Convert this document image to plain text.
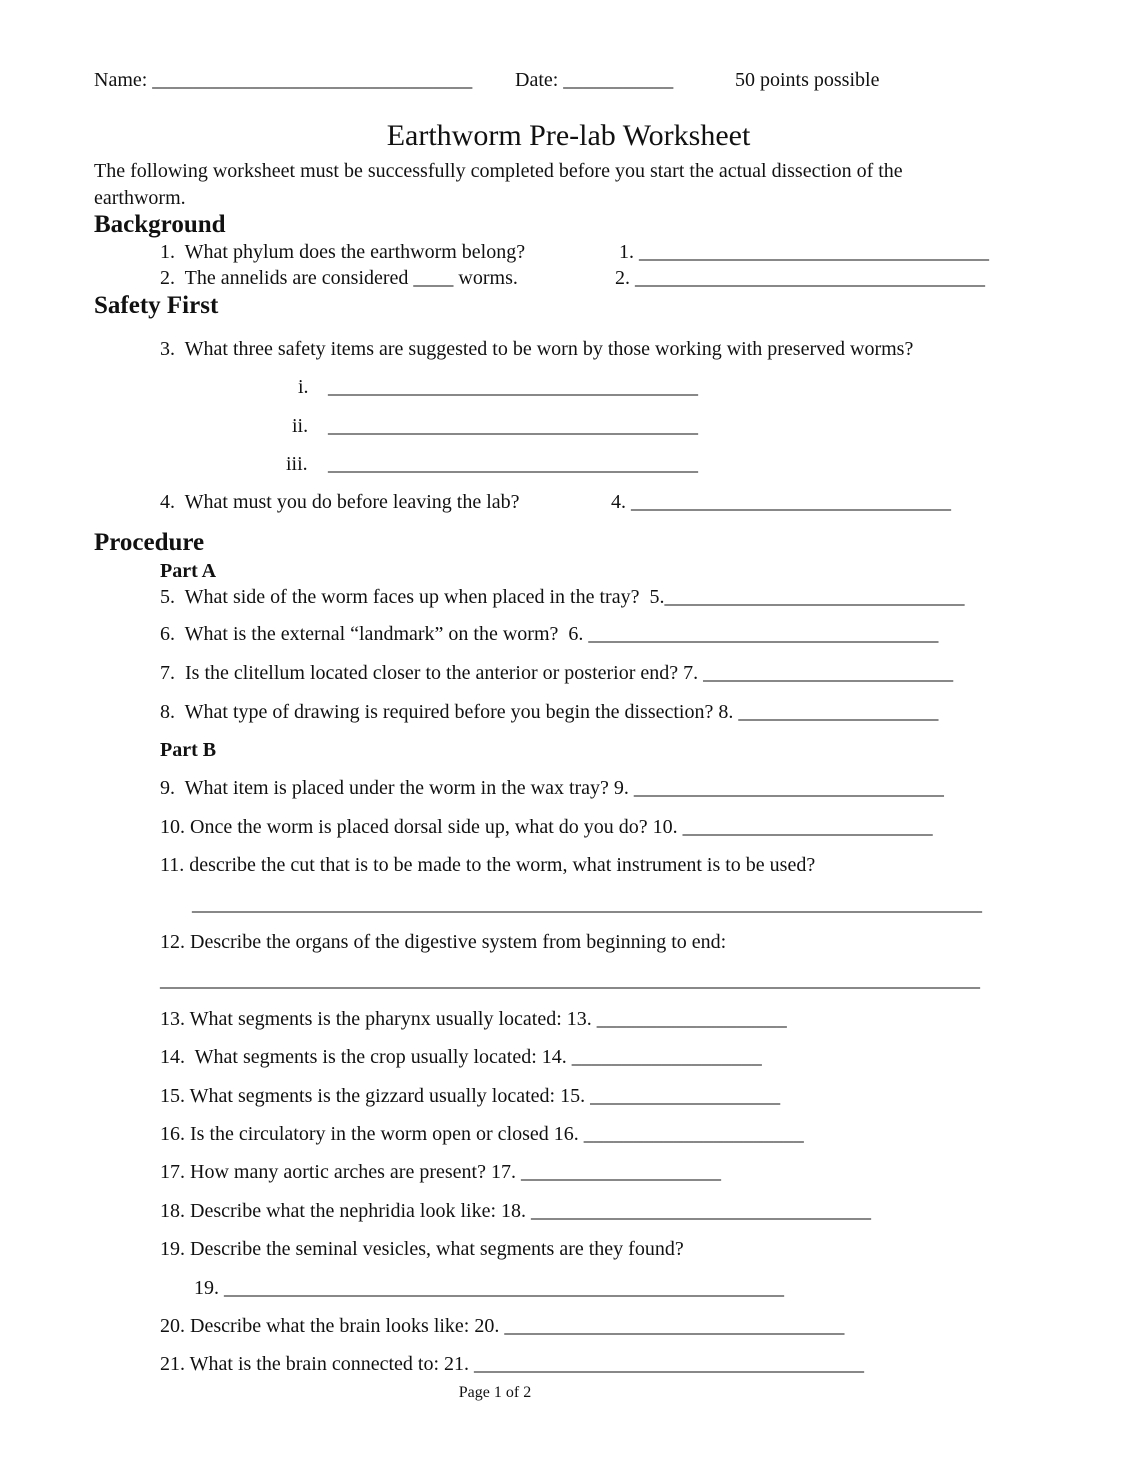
Name: ________________________________ Date: ___________	50 points possible
Earthworm Pre-lab Worksheet
The following worksheet must be successfully completed before you start the actual dissection of the
earthworm.
Background
1.  What phylum does the earthworm belong?	1. ___________________________________
2.  The annelids are considered ____ worms.	2. ___________________________________
Safety First
3.  What three safety items are suggested to be worn by those working with preserved worms?
i. _____________________________________
ii. _____________________________________
iii. _____________________________________
4.  What must you do before leaving the lab?	4. ________________________________
Procedure
Part A
5.  What side of the worm faces up when placed in the tray?  5.______________________________
6.  What is the external “landmark” on the worm?  6. ___________________________________
7.  Is the clitellum located closer to the anterior or posterior end? 7. _________________________
8.  What type of drawing is required before you begin the dissection? 8. ____________________
Part B
9.  What item is placed under the worm in the wax tray? 9. _______________________________
10. Once the worm is placed dorsal side up, what do you do? 10. _________________________
11. describe the cut that is to be made to the worm, what instrument is to be used?
_______________________________________________________________________________
12. Describe the organs of the digestive system from beginning to end:
__________________________________________________________________________________
13. What segments is the pharynx usually located: 13. ___________________
14.  What segments is the crop usually located: 14. ___________________
15. What segments is the gizzard usually located: 15. ___________________
16. Is the circulatory in the worm open or closed 16. ______________________
17. How many aortic arches are present? 17. ____________________
18. Describe what the nephridia look like: 18. __________________________________
19. Describe the seminal vesicles, what segments are they found?
19. ________________________________________________________
20. Describe what the brain looks like: 20. __________________________________
21. What is the brain connected to: 21. _______________________________________
Page 1 of 2
